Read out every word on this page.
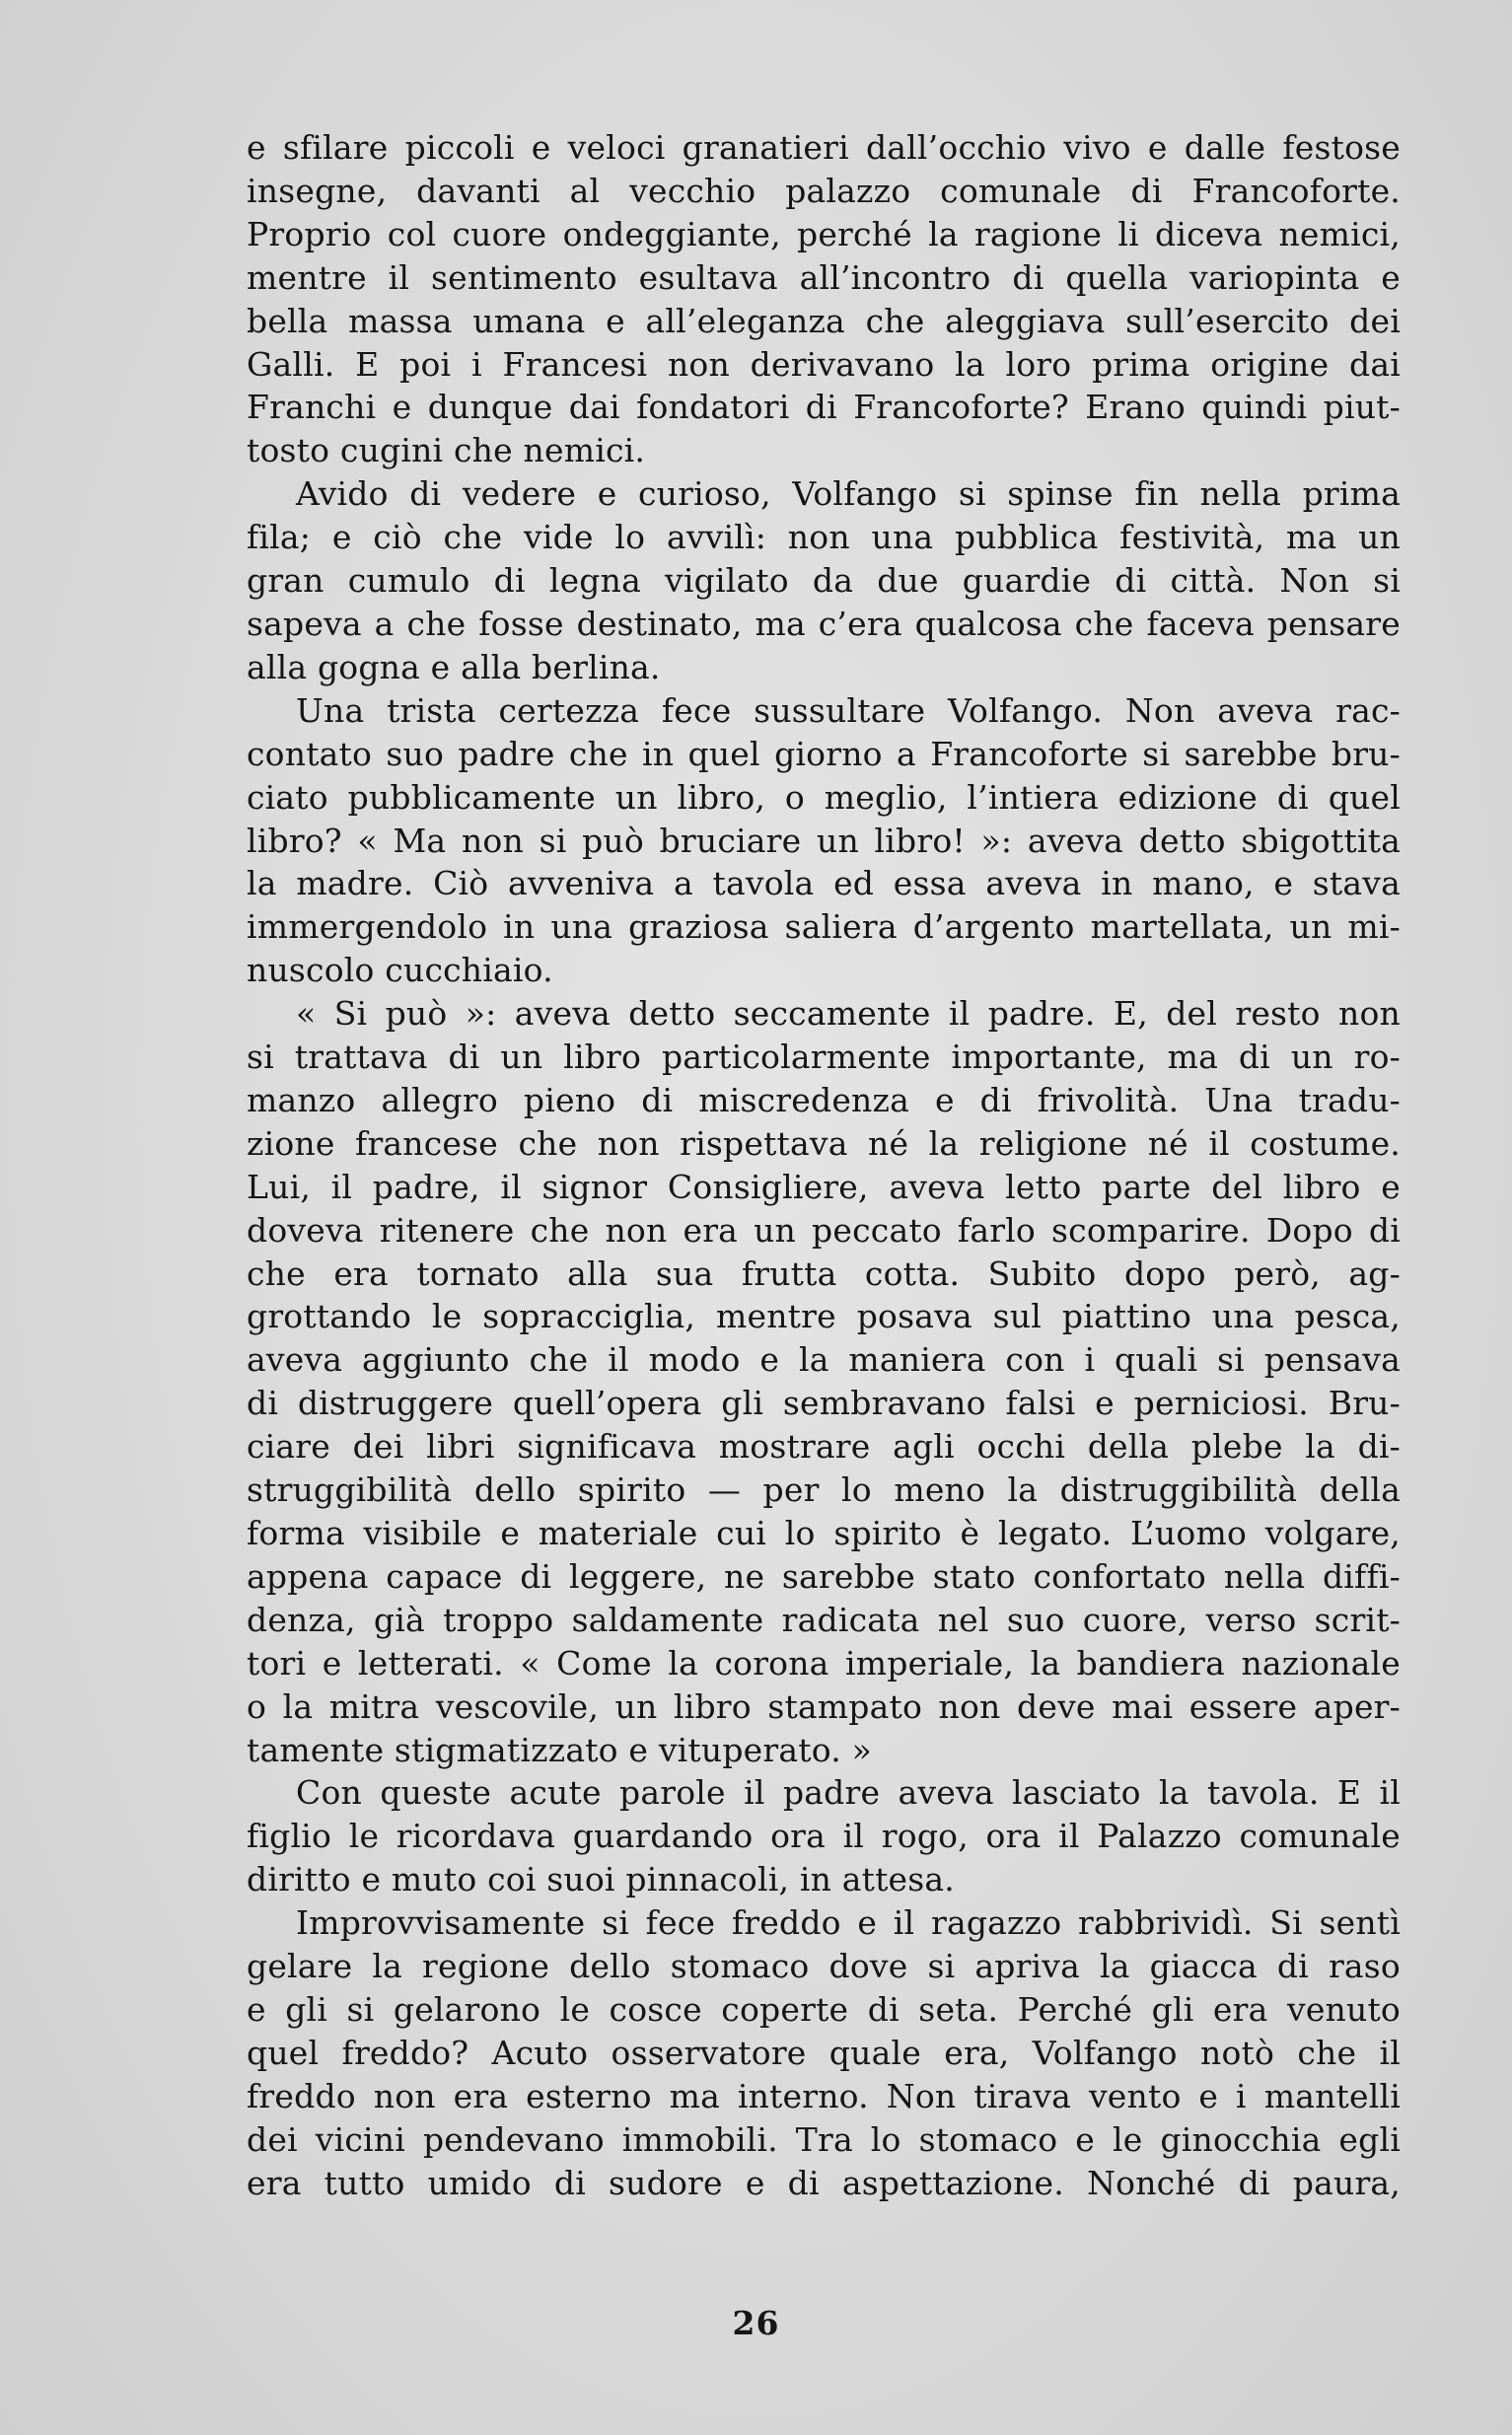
e sfilare piccoli e veloci granatieri dall’occhio vivo e dalle festose
insegne, davanti al vecchio palazzo comunale di Francoforte.
Proprio col cuore ondeggiante, perché la ragione li diceva nemici,
mentre il sentimento esultava all’incontro di quella variopinta e
bella massa umana e all’eleganza che aleggiava sull’esercito dei
Galli. E poi i Francesi non derivavano la loro prima origine dai
Franchi e dunque dai fondatori di Francoforte? Erano quindi piut-
tosto cugini che nemici.
Avido di vedere e curioso, Volfango si spinse fin nella prima
fila; e ciò che vide lo avvilì: non una pubblica festività, ma un
gran cumulo di legna vigilato da due guardie di città. Non si
sapeva a che fosse destinato, ma c’era qualcosa che faceva pensare
alla gogna e alla berlina.
Una trista certezza fece sussultare Volfango. Non aveva rac-
contato suo padre che in quel giorno a Francoforte si sarebbe bru-
ciato pubblicamente un libro, o meglio, l’intiera edizione di quel
libro? « Ma non si può bruciare un libro! »: aveva detto sbigottita
la madre. Ciò avveniva a tavola ed essa aveva in mano, e stava
immergendolo in una graziosa saliera d’argento martellata, un mi-
nuscolo cucchiaio.
« Si può »: aveva detto seccamente il padre. E, del resto non
si trattava di un libro particolarmente importante, ma di un ro-
manzo allegro pieno di miscredenza e di frivolità. Una tradu-
zione francese che non rispettava né la religione né il costume.
Lui, il padre, il signor Consigliere, aveva letto parte del libro e
doveva ritenere che non era un peccato farlo scomparire. Dopo di
che era tornato alla sua frutta cotta. Subito dopo però, ag-
grottando le sopracciglia, mentre posava sul piattino una pesca,
aveva aggiunto che il modo e la maniera con i quali si pensava
di distruggere quell’opera gli sembravano falsi e perniciosi. Bru-
ciare dei libri significava mostrare agli occhi della plebe la di-
struggibilità dello spirito — per lo meno la distruggibilità della
forma visibile e materiale cui lo spirito è legato. L’uomo volgare,
appena capace di leggere, ne sarebbe stato confortato nella diffi-
denza, già troppo saldamente radicata nel suo cuore, verso scrit-
tori e letterati. « Come la corona imperiale, la bandiera nazionale
o la mitra vescovile, un libro stampato non deve mai essere aper-
tamente stigmatizzato e vituperato. »
Con queste acute parole il padre aveva lasciato la tavola. E il
figlio le ricordava guardando ora il rogo, ora il Palazzo comunale
diritto e muto coi suoi pinnacoli, in attesa.
Improvvisamente si fece freddo e il ragazzo rabbrividì. Si sentì
gelare la regione dello stomaco dove si apriva la giacca di raso
e gli si gelarono le cosce coperte di seta. Perché gli era venuto
quel freddo? Acuto osservatore quale era, Volfango notò che il
freddo non era esterno ma interno. Non tirava vento e i mantelli
dei vicini pendevano immobili. Tra lo stomaco e le ginocchia egli
era tutto umido di sudore e di aspettazione. Nonché di paura,
26
